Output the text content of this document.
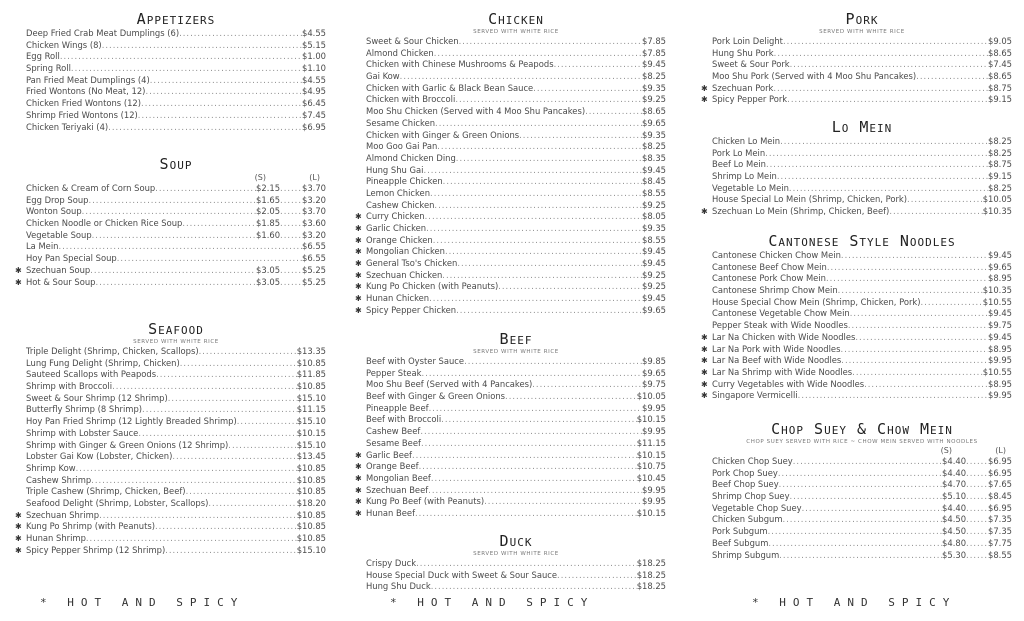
Appetizers
Deep Fried Crab Meat Dumplings (6) .....	$4.55
Chicken Wings (8) .....	$5.15
Egg Roll .....	$1.00
Spring Roll .....	$1.10
Pan Fried Meat Dumplings (4) .....	$4.55
Fried Wontons (No Meat, 12) .....	$4.95
Chicken Fried Wontons (12) .....	$6.45
Shrimp Fried Wontons (12) .....	$7.45
Chicken Teriyaki (4) .....	$6.95
Soup
(S)	(L)
Chicken & Cream of Corn Soup .....	$2.15 ...... $3.70
Egg Drop Soup .....	$1.65 ...... $3.20
Wonton Soup .....	$2.05 ...... $3.70
Chicken Noodle or Chicken Rice Soup .....	$1.85 ...... $3.60
Vegetable Soup .....	$1.60 ...... $3.20
La Mein .....	$6.55
Hoy Pan Special Soup .....	$6.55
✱ Szechuan Soup .....	$3.05 ...... $5.25
✱ Hot & Sour Soup .....	$3.05 ...... $5.25
Seafood
SERVED WITH WHITE RICE
Triple Delight (Shrimp, Chicken, Scallops) .....	$13.35
Lung Fung Delight (Shrimp, Chicken) .....	$10.85
Sauteed Scallops with Peapods .....	$11.85
Shrimp with Broccoli .....	$10.85
Sweet & Sour Shrimp (12 Shrimp) .....	$15.10
Butterfly Shrimp (8 Shrimp) .....	$11.15
Hoy Pan Fried Shrimp (12 Lightly Breaded Shrimp) .....	$15.10
Shrimp with Lobster Sauce .....	$10.15
Shrimp with Ginger & Green Onions (12 Shrimp) .....	$15.10
Lobster Gai Kow (Lobster, Chicken) .....	$13.45
Shrimp Kow .....	$10.85
Cashew Shrimp .....	$10.85
Triple Cashew (Shrimp, Chicken, Beef) .....	$10.85
Seafood Delight (Shrimp, Lobster, Scallops) .....	$18.20
✱ Szechuan Shrimp .....	$10.85
✱ Kung Po Shrimp (with Peanuts) .....	$10.85
✱ Hunan Shrimp .....	$10.85
✱ Spicy Pepper Shrimp (12 Shrimp) .....	$15.10
* HOT AND SPICY
Chicken
SERVED WITH WHITE RICE
Sweet & Sour Chicken .....	$7.85
Almond Chicken .....	$7.85
Chicken with Chinese Mushrooms & Peapods .....	$9.45
Gai Kow .....	$8.25
Chicken with Garlic & Black Bean Sauce .....	$9.35
Chicken with Broccoli .....	$9.25
Moo Shu Chicken (Served with 4 Moo Shu Pancakes) .....	$8.65
Sesame Chicken .....	$9.65
Chicken with Ginger & Green Onions .....	$9.35
Moo Goo Gai Pan .....	$8.25
Almond Chicken Ding .....	$8.35
Hung Shu Gai .....	$9.45
Pineapple Chicken .....	$8.45
Lemon Chicken .....	$8.55
Cashew Chicken .....	$9.25
✱ Curry Chicken .....	$8.05
✱ Garlic Chicken .....	$9.35
✱ Orange Chicken .....	$8.55
✱ Mongolian Chicken .....	$9.45
✱ General Tso's Chicken .....	$9.45
✱ Szechuan Chicken .....	$9.25
✱ Kung Po Chicken (with Peanuts) .....	$9.25
✱ Hunan Chicken .....	$9.45
✱ Spicy Pepper Chicken .....	$9.65
Beef
SERVED WITH WHITE RICE
Beef with Oyster Sauce .....	$9.85
Pepper Steak .....	$9.65
Moo Shu Beef (Served with 4 Pancakes) .....	$9.75
Beef with Ginger & Green Onions .....	$10.05
Pineapple Beef .....	$9.95
Beef with Broccoli .....	$10.15
Cashew Beef .....	$9.95
Sesame Beef .....	$11.15
✱ Garlic Beef .....	$10.15
✱ Orange Beef .....	$10.75
✱ Mongolian Beef .....	$10.45
✱ Szechuan Beef .....	$9.95
✱ Kung Po Beef (with Peanuts) .....	$9.95
✱ Hunan Beef .....	$10.15
Duck
SERVED WITH WHITE RICE
Crispy Duck .....	$18.25
House Special Duck with Sweet & Sour Sauce .....	$18.25
Hung Shu Duck .....	$18.25
* HOT AND SPICY
Pork
SERVED WITH WHITE RICE
Pork Loin Delight .....	$9.05
Hung Shu Pork .....	$8.65
Sweet & Sour Pork .....	$7.45
Moo Shu Pork (Served with 4 Moo Shu Pancakes) .....	$8.65
✱ Szechuan Pork .....	$8.75
✱ Spicy Pepper Pork .....	$9.15
Lo Mein
Chicken Lo Mein .....	$8.25
Pork Lo Mein .....	$8.25
Beef Lo Mein .....	$8.75
Shrimp Lo Mein .....	$9.15
Vegetable Lo Mein .....	$8.25
House Special Lo Mein (Shrimp, Chicken, Pork) .....	$10.05
✱ Szechuan Lo Mein (Shrimp, Chicken, Beef) .....	$10.35
Cantonese Style Noodles
Cantonese Chicken Chow Mein .....	$9.45
Cantonese Beef Chow Mein .....	$9.65
Cantonese Pork Chow Mein .....	$8.95
Cantonese Shrimp Chow Mein .....	$10.35
House Special Chow Mein (Shrimp, Chicken, Pork) .....	$10.55
Cantonese Vegetable Chow Mein .....	$9.45
Pepper Steak with Wide Noodles .....	$9.75
✱ Lar Na Chicken with Wide Noodles .....	$9.45
✱ Lar Na Pork with Wide Noodles .....	$8.95
✱ Lar Na Beef with Wide Noodles .....	$9.95
✱ Lar Na Shrimp with Wide Noodles .....	$10.55
✱ Curry Vegetables with Wide Noodles .....	$8.95
✱ Singapore Vermicelli .....	$9.95
Chop Suey & Chow Mein
CHOP SUEY SERVED WITH RICE ~ CHOW MEIN SERVED WITH NOODLES
(S)	(L)
Chicken Chop Suey .....	$4.40 ...... $6.95
Pork Chop Suey .....	$4.40 ...... $6.95
Beef Chop Suey .....	$4.70 ...... $7.65
Shrimp Chop Suey .....	$5.10 ...... $8.45
Vegetable Chop Suey .....	$4.40 ...... $6.95
Chicken Subgum .....	$4.50 ...... $7.35
Pork Subgum .....	$4.50 ...... $7.35
Beef Subgum .....	$4.80 ...... $7.75
Shrimp Subgum .....	$5.30 ...... $8.55
* HOT AND SPICY
